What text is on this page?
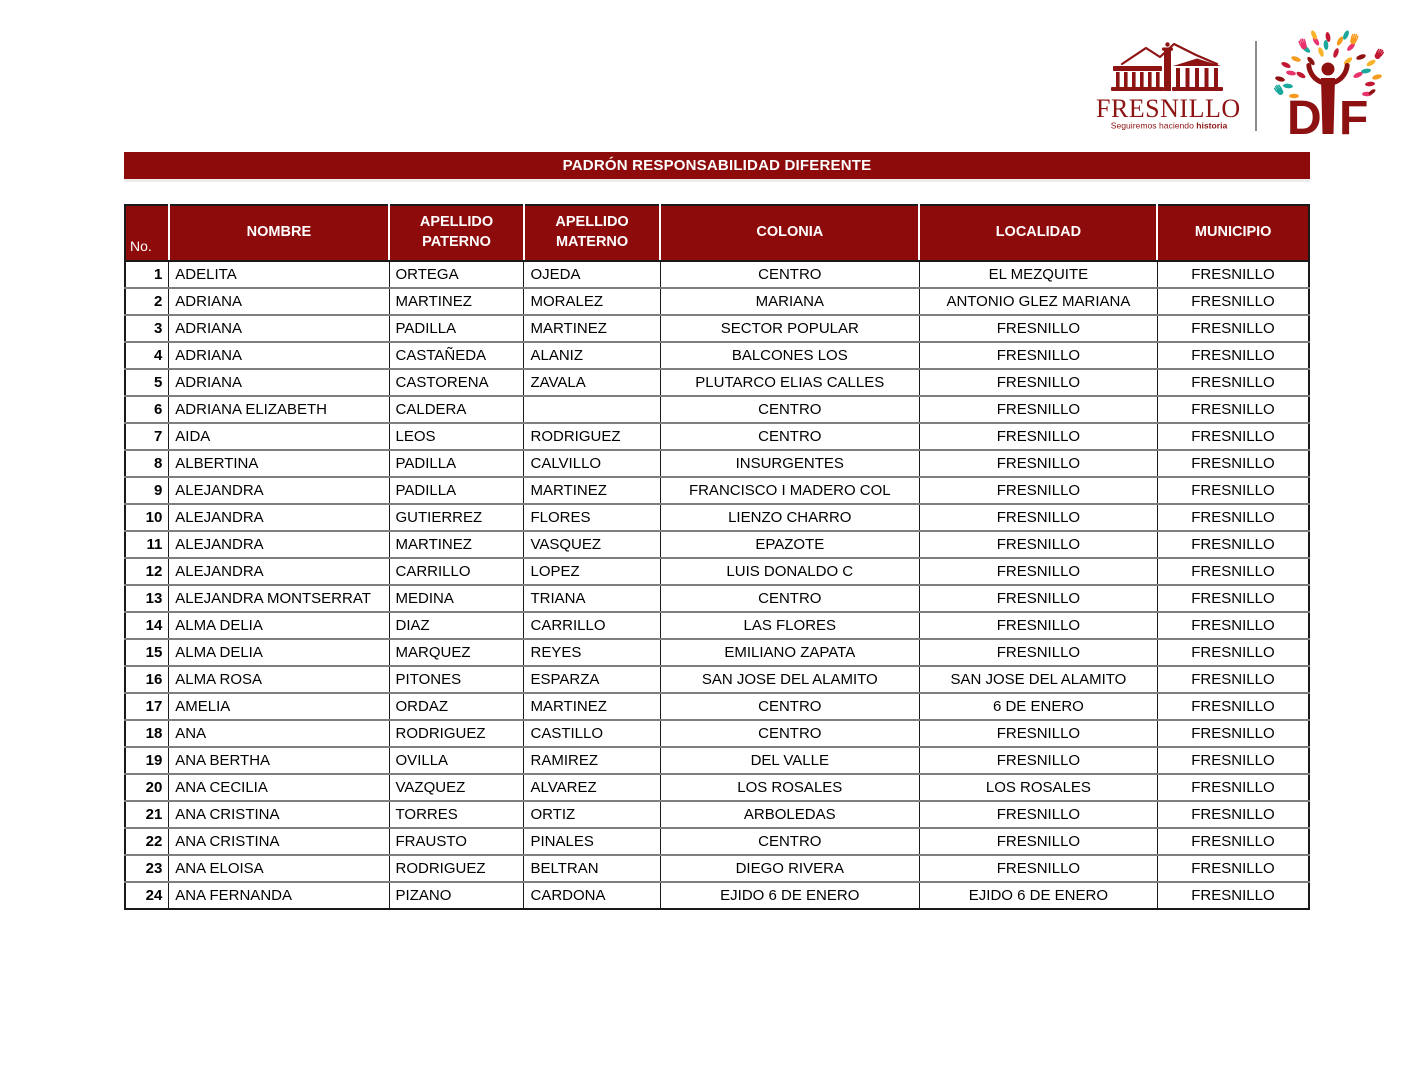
FRESNILLO
Seguiremos haciendo historia D F
PADRÓN RESPONSABILIDAD DIFERENTE
No.	NOMBRE	APELLIDO PATERNO	APELLIDO MATERNO	COLONIA	LOCALIDAD	MUNICIPIO
1	ADELITA	ORTEGA	OJEDA	CENTRO	EL MEZQUITE	FRESNILLO
2	ADRIANA	MARTINEZ	MORALEZ	MARIANA	ANTONIO GLEZ MARIANA	FRESNILLO
3	ADRIANA	PADILLA	MARTINEZ	SECTOR POPULAR	FRESNILLO	FRESNILLO
4	ADRIANA	CASTAÑEDA	ALANIZ	BALCONES LOS	FRESNILLO	FRESNILLO
5	ADRIANA	CASTORENA	ZAVALA	PLUTARCO ELIAS CALLES	FRESNILLO	FRESNILLO
6	ADRIANA ELIZABETH	CALDERA		CENTRO	FRESNILLO	FRESNILLO
7	AIDA	LEOS	RODRIGUEZ	CENTRO	FRESNILLO	FRESNILLO
8	ALBERTINA	PADILLA	CALVILLO	INSURGENTES	FRESNILLO	FRESNILLO
9	ALEJANDRA	PADILLA	MARTINEZ	FRANCISCO I MADERO COL	FRESNILLO	FRESNILLO
10	ALEJANDRA	GUTIERREZ	FLORES	LIENZO CHARRO	FRESNILLO	FRESNILLO
11	ALEJANDRA	MARTINEZ	VASQUEZ	EPAZOTE	FRESNILLO	FRESNILLO
12	ALEJANDRA	CARRILLO	LOPEZ	LUIS DONALDO C	FRESNILLO	FRESNILLO
13	ALEJANDRA MONTSERRAT	MEDINA	TRIANA	CENTRO	FRESNILLO	FRESNILLO
14	ALMA DELIA	DIAZ	CARRILLO	LAS FLORES	FRESNILLO	FRESNILLO
15	ALMA DELIA	MARQUEZ	REYES	EMILIANO ZAPATA	FRESNILLO	FRESNILLO
16	ALMA ROSA	PITONES	ESPARZA	SAN JOSE DEL ALAMITO	SAN JOSE DEL ALAMITO	FRESNILLO
17	AMELIA	ORDAZ	MARTINEZ	CENTRO	6 DE ENERO	FRESNILLO
18	ANA	RODRIGUEZ	CASTILLO	CENTRO	FRESNILLO	FRESNILLO
19	ANA BERTHA	OVILLA	RAMIREZ	DEL VALLE	FRESNILLO	FRESNILLO
20	ANA CECILIA	VAZQUEZ	ALVAREZ	LOS ROSALES	LOS ROSALES	FRESNILLO
21	ANA CRISTINA	TORRES	ORTIZ	ARBOLEDAS	FRESNILLO	FRESNILLO
22	ANA CRISTINA	FRAUSTO	PINALES	CENTRO	FRESNILLO	FRESNILLO
23	ANA ELOISA	RODRIGUEZ	BELTRAN	DIEGO RIVERA	FRESNILLO	FRESNILLO
24	ANA FERNANDA	PIZANO	CARDONA	EJIDO 6 DE ENERO	EJIDO 6 DE ENERO	FRESNILLO
